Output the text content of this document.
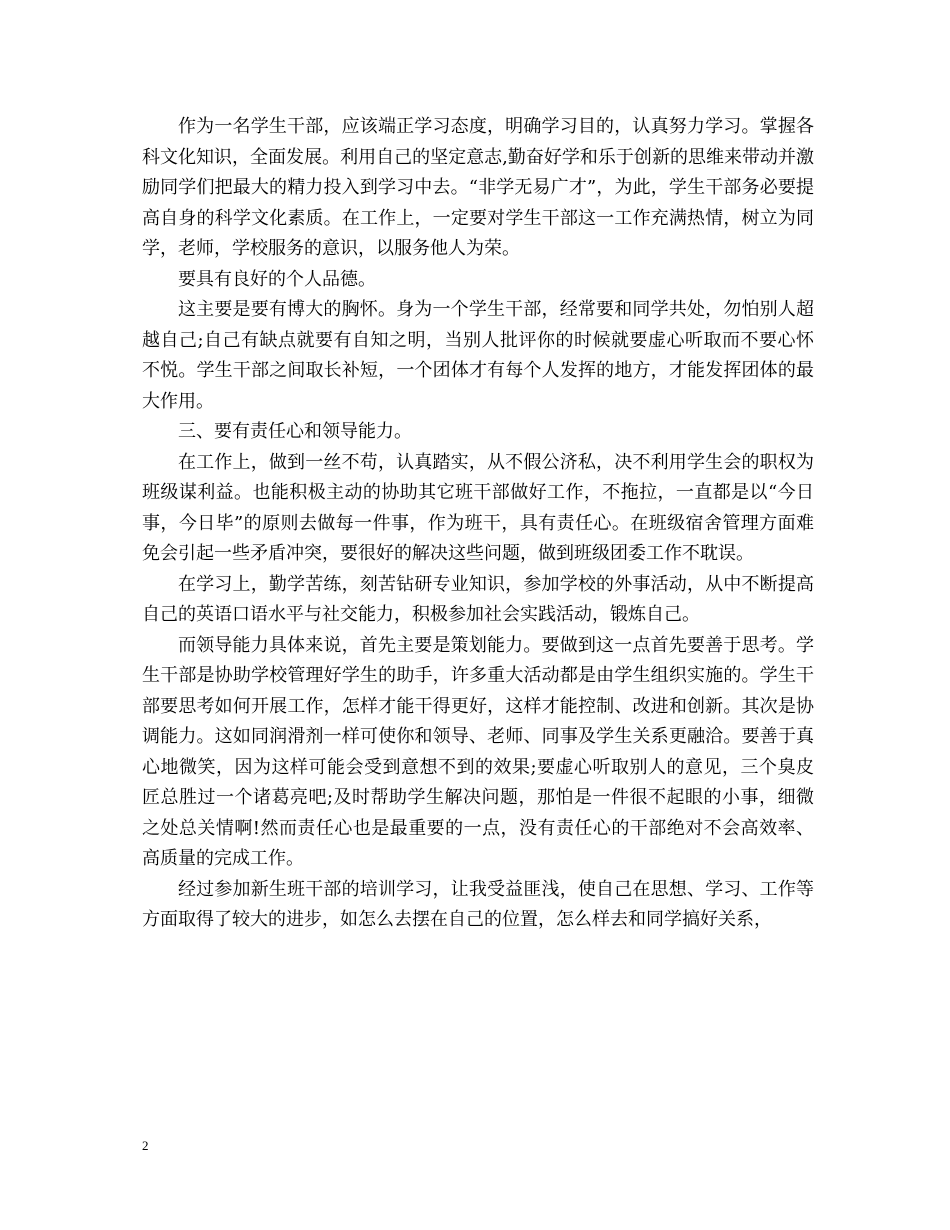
作为一名学生干部，应该端正学习态度，明确学习目的，认真努力学习。掌握各科文化知识，全面发展。利用自己的坚定意志,勤奋好学和乐于创新的思维来带动并激励同学们把最大的精力投入到学习中去。“非学无易广才”，为此，学生干部务必要提高自身的科学文化素质。在工作上，一定要对学生干部这一工作充满热情，树立为同学，老师，学校服务的意识，以服务他人为荣。

要具有良好的个人品德。

这主要是要有博大的胸怀。身为一个学生干部，经常要和同学共处，勿怕别人超越自己;自己有缺点就要有自知之明，当别人批评你的时候就要虚心听取而不要心怀不悦。学生干部之间取长补短，一个团体才有每个人发挥的地方，才能发挥团体的最大作用。

三、要有责任心和领导能力。

在工作上，做到一丝不苟，认真踏实，从不假公济私，决不利用学生会的职权为班级谋利益。也能积极主动的协助其它班干部做好工作，不拖拉，一直都是以“今日事，今日毕”的原则去做每一件事，作为班干，具有责任心。在班级宿舍管理方面难免会引起一些矛盾冲突，要很好的解决这些问题，做到班级团委工作不耽误。

在学习上，勤学苦练，刻苦钻研专业知识，参加学校的外事活动，从中不断提高自己的英语口语水平与社交能力，积极参加社会实践活动，锻炼自己。

而领导能力具体来说，首先主要是策划能力。要做到这一点首先要善于思考。学生干部是协助学校管理好学生的助手，许多重大活动都是由学生组织实施的。学生干部要思考如何开展工作，怎样才能干得更好，这样才能控制、改进和创新。其次是协调能力。这如同润滑剂一样可使你和领导、老师、同事及学生关系更融洽。要善于真心地微笑，因为这样可能会受到意想不到的效果;要虚心听取别人的意见，三个臭皮匠总胜过一个诸葛亮吧;及时帮助学生解决问题，那怕是一件很不起眼的小事，细微之处总关情啊!然而责任心也是最重要的一点，没有责任心的干部绝对不会高效率、高质量的完成工作。

经过参加新生班干部的培训学习，让我受益匪浅，使自己在思想、学习、工作等方面取得了较大的进步，如怎么去摆在自己的位置，怎么样去和同学搞好关系，

2
